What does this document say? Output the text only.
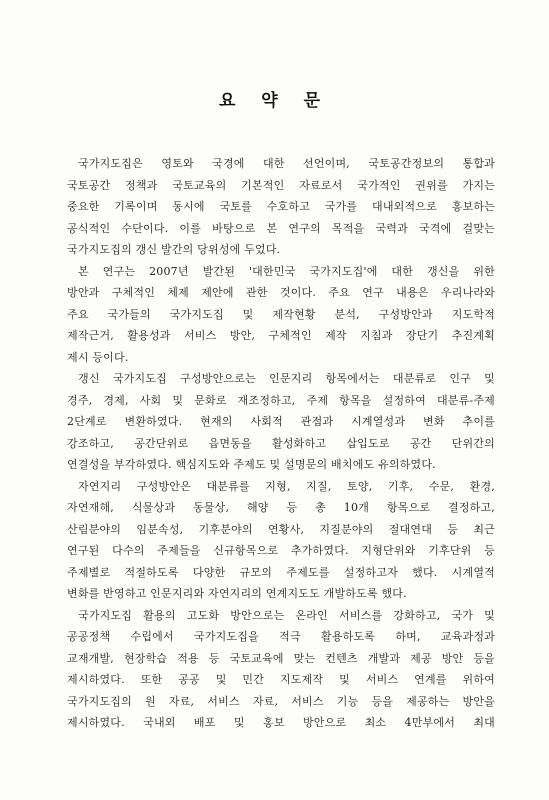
요 약 문
국가지도집은 영토와 국경에 대한 선언이며, 국토공간정보의 통합과
국토공간 정책과 국토교육의 기본적인 자료로서 국가적인 권위를 가지는
중요한 기록이며 동시에 국토를 수호하고 국가를 대내외적으로 홍보하는
공식적인 수단이다. 이를 바탕으로 본 연구의 목적을 국력과 국격에 걸맞는
국가지도집의 갱신 발간의 당위성에 두었다.
본 연구는 2007년 발간된 '대한민국 국가지도집'에 대한 갱신을 위한
방안과 구체적인 체제 제안에 관한 것이다. 주요 연구 내용은 우리나라와
주요 국가들의 국가지도집 및 제작현황 분석, 구성방안과 지도학적
제작근거, 활용성과 서비스 방안, 구체적인 제작 지침과 장단기 추진계획
제시 등이다.
갱신 국가지도집 구성방안으로는 인문지리 항목에서는 대분류로 인구 및
경주, 경제, 사회 및 문화로 재조정하고, 주제 항목을 설정하여 대분류-주제
2단계로 변환하였다. 현재의 사회적 관점과 시계열성과 변화 추이를
강조하고, 공간단위로 읍면동을 활성화하고 삽입도로 공간 단위간의
연결성을 부각하였다. 핵심지도와 주제도 및 설명문의 배치에도 유의하였다.
자연지리 구성방안은 대분류를 지형, 지질, 토양, 기후, 수문, 환경,
자연재해, 식물상과 동물상, 해양 등 총 10개 항목으로 결정하고,
산림분야의 임분속성, 기후분야의 연황사, 지질분야의 절대연대 등 최근
연구된 다수의 주제들을 신규항목으로 추가하였다. 지형단위와 기후단위 등
주제별로 적절하도록 다양한 규모의 주제도를 설정하고자 했다. 시계열적
변화를 반영하고 인문지리와 자연지리의 연계지도도 개발하도록 했다.
국가지도집 활용의 고도화 방안으로는 온라인 서비스를 강화하고, 국가 및
공공정책 수립에서 국가지도집을 적극 활용하도록 하며, 교육과정과
교재개발, 현장학습 적용 등 국토교육에 맞는 컨텐츠 개발과 제공 방안 등을
제시하였다. 또한 공공 및 민간 지도제작 및 서비스 연계를 위하여
국가지도집의 원 자료, 서비스 자료, 서비스 기능 등을 제공하는 방안을
제시하였다. 국내외 배포 및 홍보 방안으로 최소 4만부에서 최대
